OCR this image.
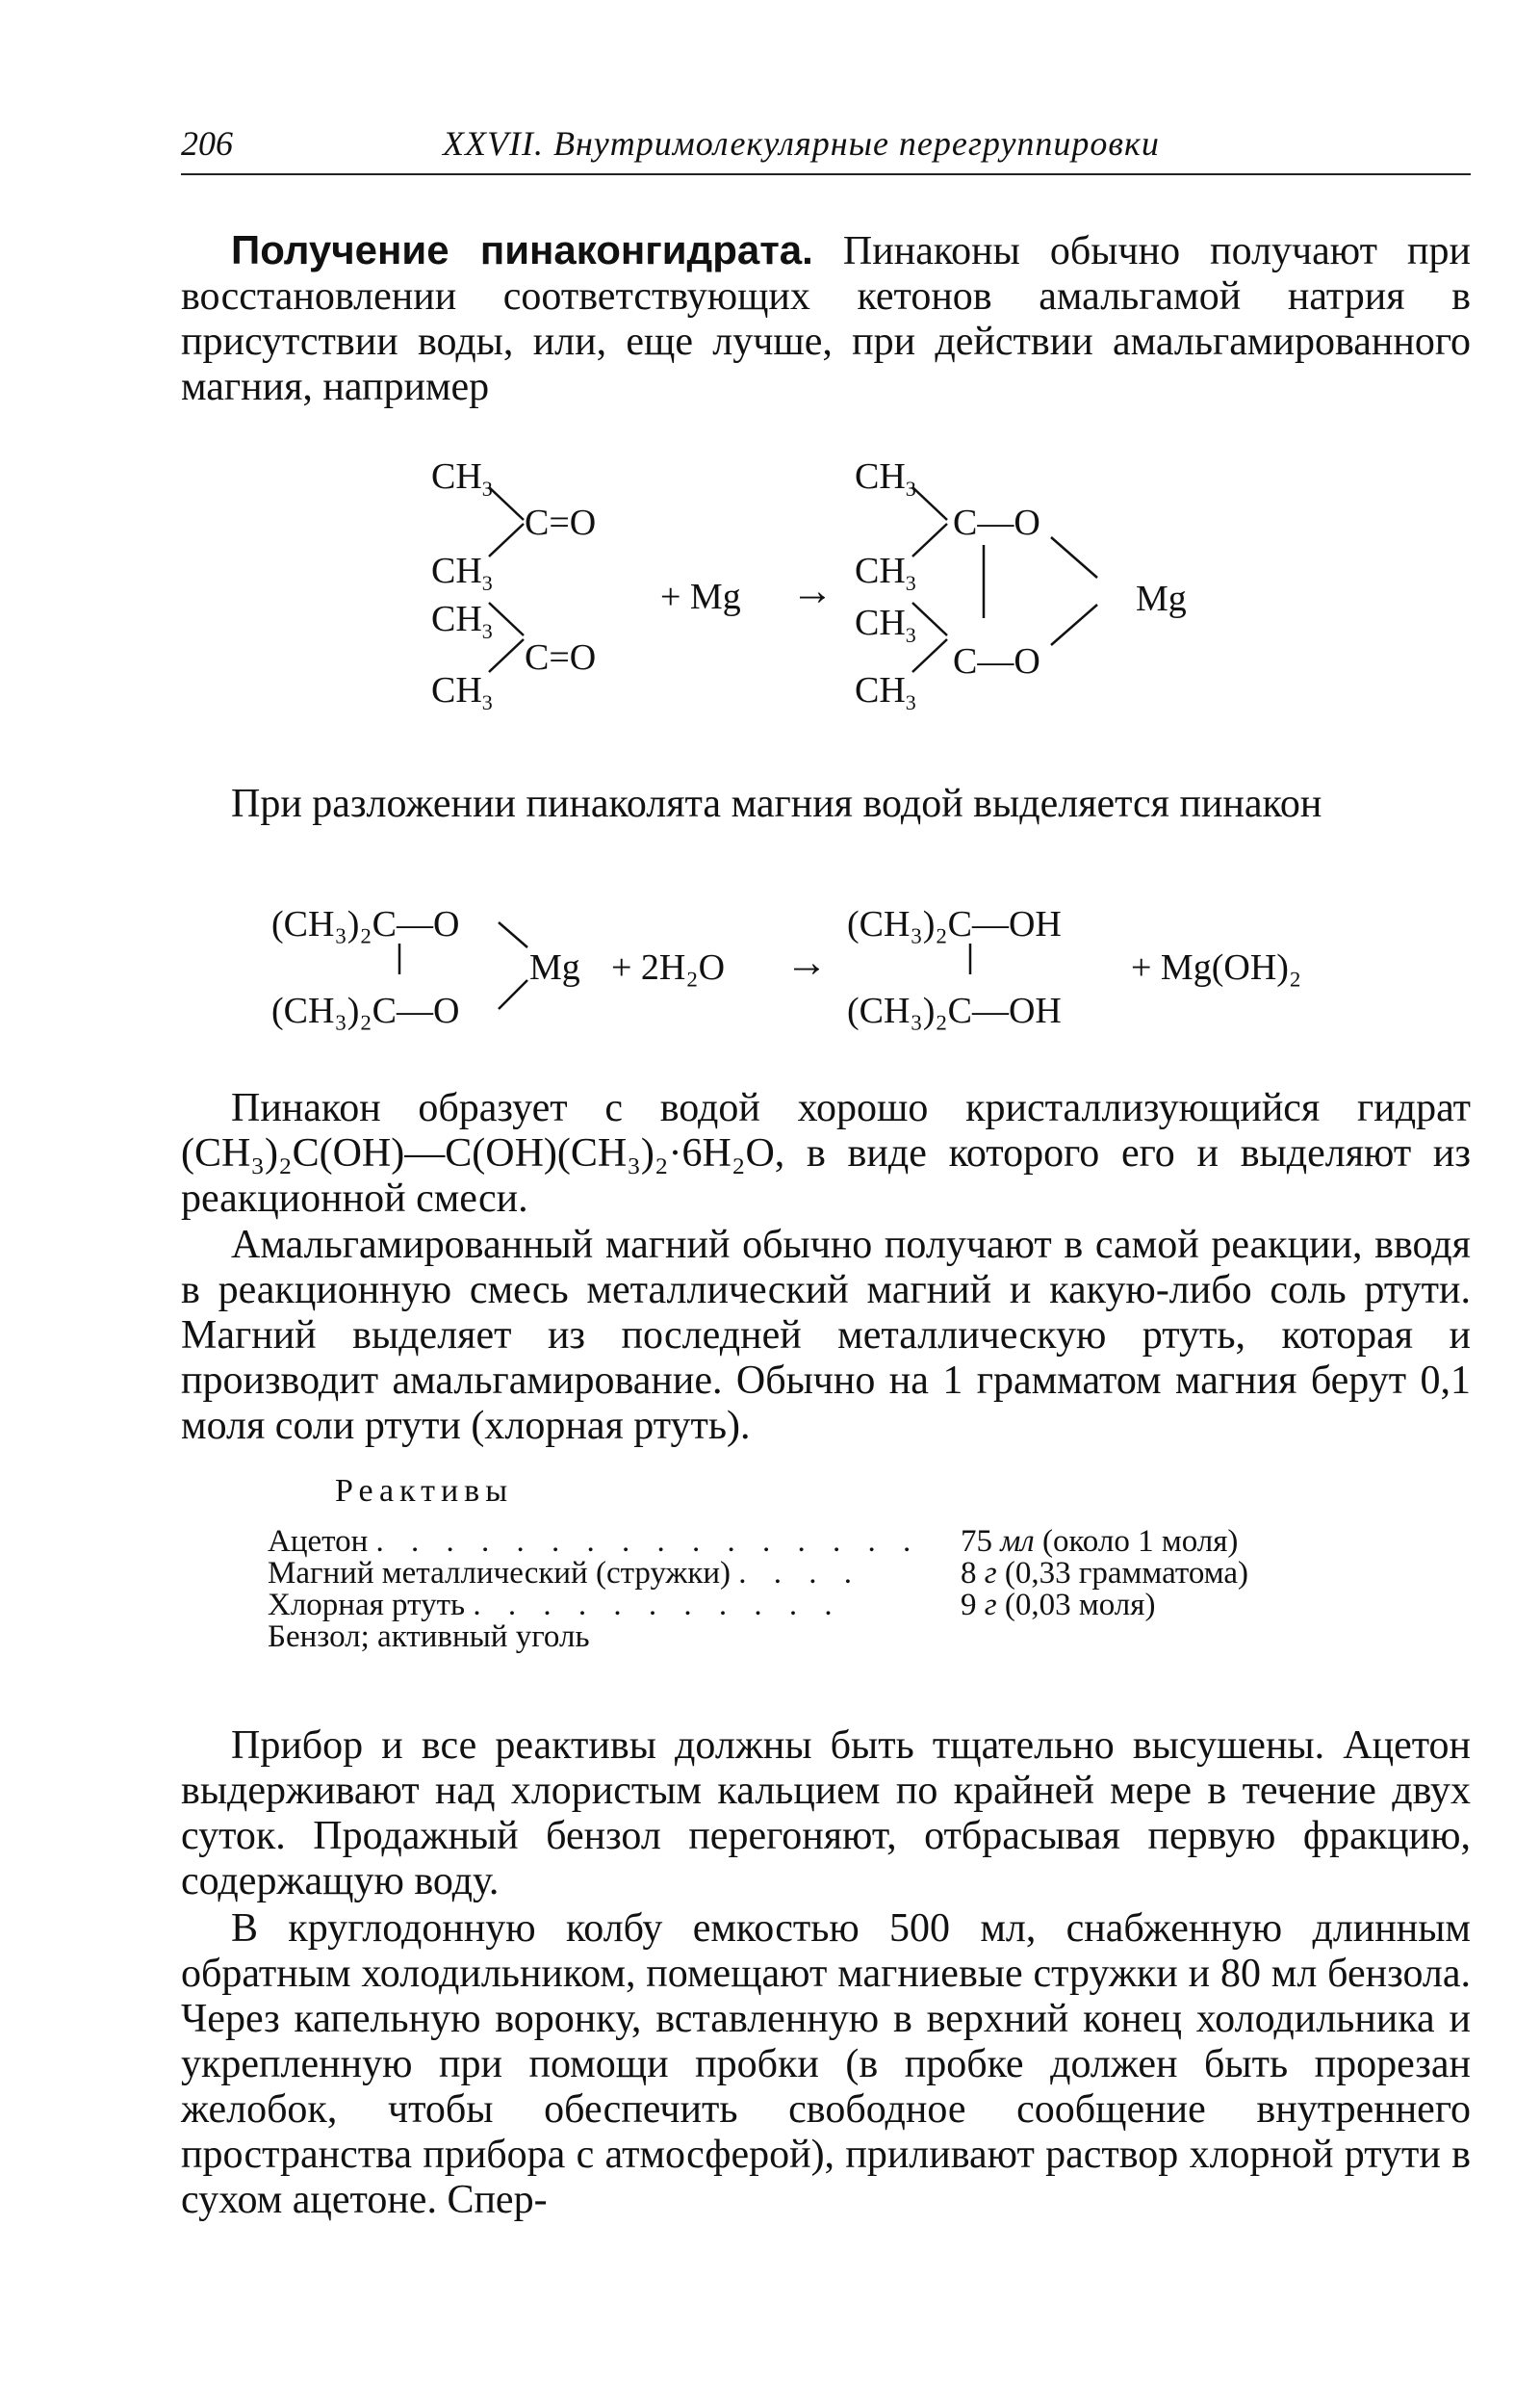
206	XXVII. Внутримолекулярные перегруппировки

Получение пинаконгидрата. Пинаконы обычно получают при восстановлении соответствующих кетонов амальгамой натрия в присутствии воды, или, еще лучше, при действии амальгамированного магния, например

$CH_3$
$CH_3$
C=O
$CH_3$
$CH_3$
C=O
+ Mg →
$CH_3$
$CH_3$
C—O
$CH_3$
$CH_3$
C—O
Mg

При разложении пинаколята магния водой выделяется пинакон

(CH₃)₂C—O
(CH₃)₂C—O
Mg + 2H₂O →
(CH₃)₂C—OH
(CH₃)₂C—OH
+ Mg(OH)₂

Пинакон образует с водой хорошо кристаллизующийся гидрат (CH₃)₂C(OH)—C(OH)(CH₃)₂·6H₂O, в виде которого его и выделяют из реакционной смеси.

Амальгамированный магний обычно получают в самой реакции, вводя в реакционную смесь металлический магний и какую-либо соль ртути. Магний выделяет из последней металлическую ртуть, которая и производит амальгамирование. Обычно на 1 грамматом магния берут 0,1 моля соли ртути (хлорная ртуть).

Реактивы
Ацетон . . . . . . . . . . . . . . . .	75 мл (около 1 моля)
Магний металлический (стружки) . . . .	8 г (0,33 грамматома)
Хлорная ртуть . . . . . . . . . . .	9 г (0,03 моля)
Бензол; активный уголь	

Прибор и все реактивы должны быть тщательно высушены. Ацетон выдерживают над хлористым кальцием по крайней мере в течение двух суток. Продажный бензол перегоняют, отбрасывая первую фракцию, содержащую воду.

В круглодонную колбу емкостью 500 мл, снабженную длинным обратным холодильником, помещают магниевые стружки и 80 мл бензола. Через капельную воронку, вставленную в верхний конец холодильника и укрепленную при помощи пробки (в пробке должен быть прорезан желобок, чтобы обеспечить свободное сообщение внутреннего пространства прибора с атмосферой), приливают раствор хлорной ртути в сухом ацетоне. Спер-
